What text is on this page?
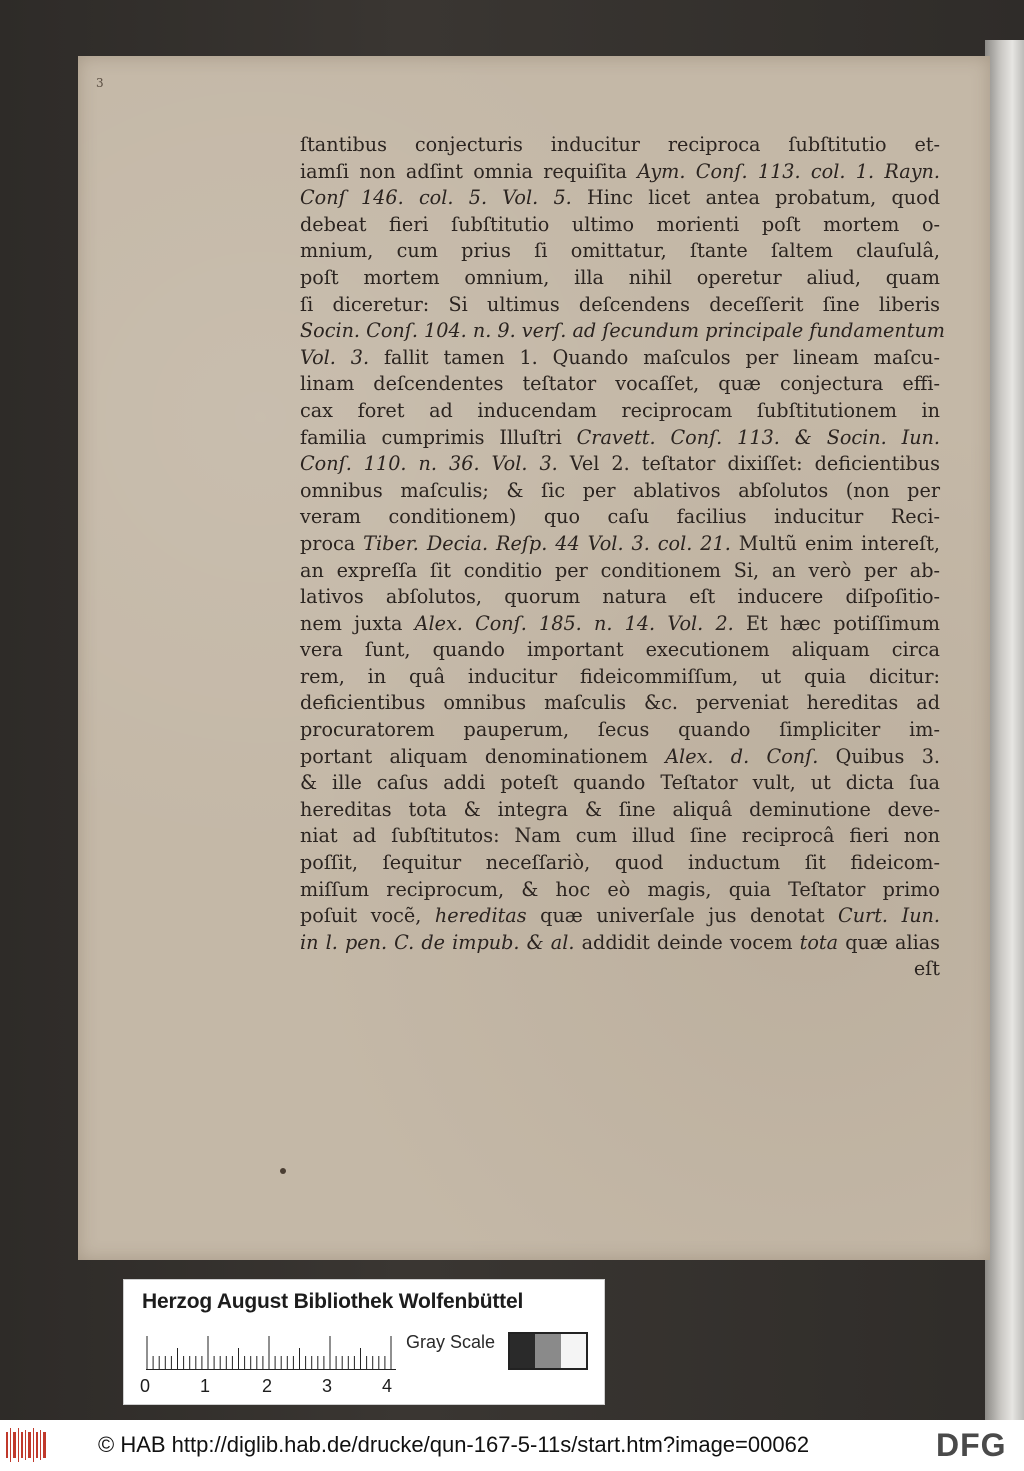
3
ſtantibus conjecturis inducitur reciproca ſubſtitutio et-
iamſi non adſint omnia requiſita Aym. Conſ. 113. col. 1. Rayn.
Conſ 146. col. 5. Vol. 5. Hinc licet antea probatum, quod
debeat fieri ſubſtitutio ultimo morienti poſt mortem o-
mnium, cum prius ſi omittatur, ſtante ſaltem clauſulâ,
poſt mortem omnium, illa nihil operetur aliud, quam
ſi diceretur: Si ultimus deſcendens deceſſerit ſine liberis
Socin. Conſ. 104. n. 9. verſ. ad ſecundum principale fundamentum
Vol. 3. fallit tamen 1. Quando maſculos per lineam maſcu-
linam deſcendentes teſtator vocaſſet, quæ conjectura effi-
cax foret ad inducendam reciprocam ſubſtitutionem in
familia cumprimis Illuſtri Cravett. Conſ. 113. & Socin. Iun.
Conſ. 110. n. 36. Vol. 3. Vel 2. teſtator dixiſſet: deficientibus
omnibus maſculis; & ſic per ablativos abſolutos (non per
veram conditionem) quo caſu facilius inducitur Reci-
proca Tiber. Decia. Reſp. 44 Vol. 3. col. 21. Multũ enim intereſt,
an expreſſa ſit conditio per conditionem Si, an verò per ab-
lativos abſolutos, quorum natura eſt inducere diſpoſitio-
nem juxta Alex. Conſ. 185. n. 14. Vol. 2. Et hæc potiſſimum
vera ſunt, quando important executionem aliquam circa
rem, in quâ inducitur fideicommiſſum, ut quia dicitur:
deficientibus omnibus maſculis &c. perveniat hereditas ad
procuratorem pauperum, ſecus quando ſimpliciter im-
portant aliquam denominationem Alex. d. Conſ. Quibus 3.
& ille caſus addi poteſt quando Teſtator vult, ut dicta ſua
hereditas tota & integra & ſine aliquâ deminutione deve-
niat ad ſubſtitutos: Nam cum illud ſine reciprocâ fieri non
poſſit, ſequitur neceſſariò, quod inductum ſit fideicom-
miſſum reciprocum, & hoc eò magis, quia Teſtator primo
poſuit vocẽ, hereditas quæ univerſale jus denotat Curt. Iun.
in l. pen. C. de impub. & al. addidit deinde vocem tota quæ alias
eſt
Herzog August Bibliothek Wolfenbüttel
Gray Scale
0	1	2	3	4
© HAB http://diglib.hab.de/drucke/qun-167-5-11s/start.htm?image=00062	DFG
